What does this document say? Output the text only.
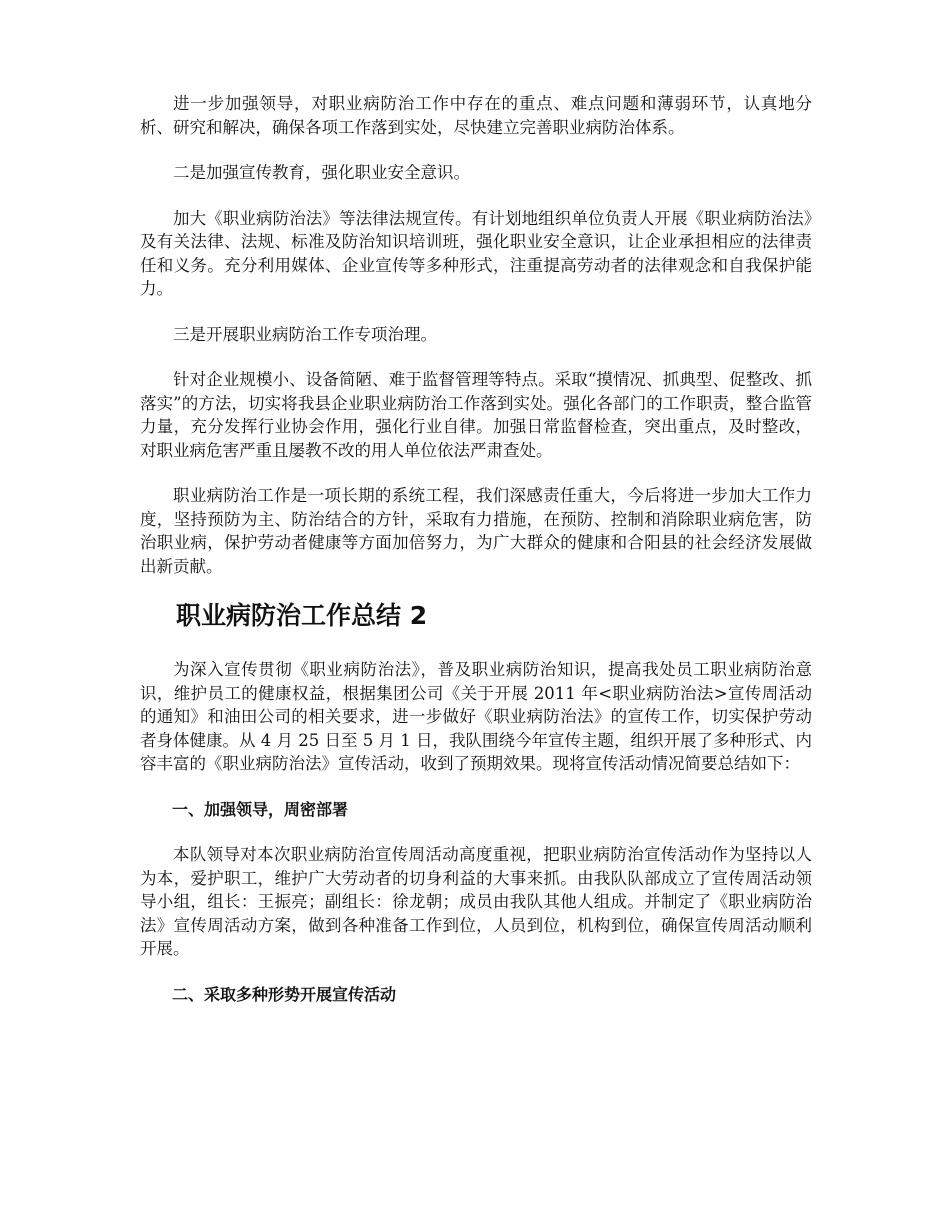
进一步加强领导，对职业病防治工作中存在的重点、难点问题和薄弱环节，认真地分析、研究和解决，确保各项工作落到实处，尽快建立完善职业病防治体系。

二是加强宣传教育，强化职业安全意识。

加大《职业病防治法》等法律法规宣传。有计划地组织单位负责人开展《职业病防治法》及有关法律、法规、标准及防治知识培训班，强化职业安全意识，让企业承担相应的法律责任和义务。充分利用媒体、企业宣传等多种形式，注重提高劳动者的法律观念和自我保护能力。

三是开展职业病防治工作专项治理。

针对企业规模小、设备简陋、难于监督管理等特点。采取“摸情况、抓典型、促整改、抓落实”的方法，切实将我县企业职业病防治工作落到实处。强化各部门的工作职责，整合监管力量，充分发挥行业协会作用，强化行业自律。加强日常监督检查，突出重点，及时整改，对职业病危害严重且屡教不改的用人单位依法严肃查处。

职业病防治工作是一项长期的系统工程，我们深感责任重大，今后将进一步加大工作力度，坚持预防为主、防治结合的方针，采取有力措施，在预防、控制和消除职业病危害，防治职业病，保护劳动者健康等方面加倍努力，为广大群众的健康和合阳县的社会经济发展做出新贡献。

职业病防治工作总结 2

为深入宣传贯彻《职业病防治法》，普及职业病防治知识，提高我处员工职业病防治意识，维护员工的健康权益，根据集团公司《关于开展 2011 年<职业病防治法>宣传周活动的通知》和油田公司的相关要求，进一步做好《职业病防治法》的宣传工作，切实保护劳动者身体健康。从 4 月 25 日至 5 月 1 日，我队围绕今年宣传主题，组织开展了多种形式、内容丰富的《职业病防治法》宣传活动，收到了预期效果。现将宣传活动情况简要总结如下：

一、加强领导，周密部署

本队领导对本次职业病防治宣传周活动高度重视，把职业病防治宣传活动作为坚持以人为本，爱护职工，维护广大劳动者的切身利益的大事来抓。由我队队部成立了宣传周活动领导小组，组长：王振亮；副组长：徐龙朝；成员由我队其他人组成。并制定了《职业病防治法》宣传周活动方案，做到各种准备工作到位，人员到位，机构到位，确保宣传周活动顺利开展。

二、采取多种形势开展宣传活动
